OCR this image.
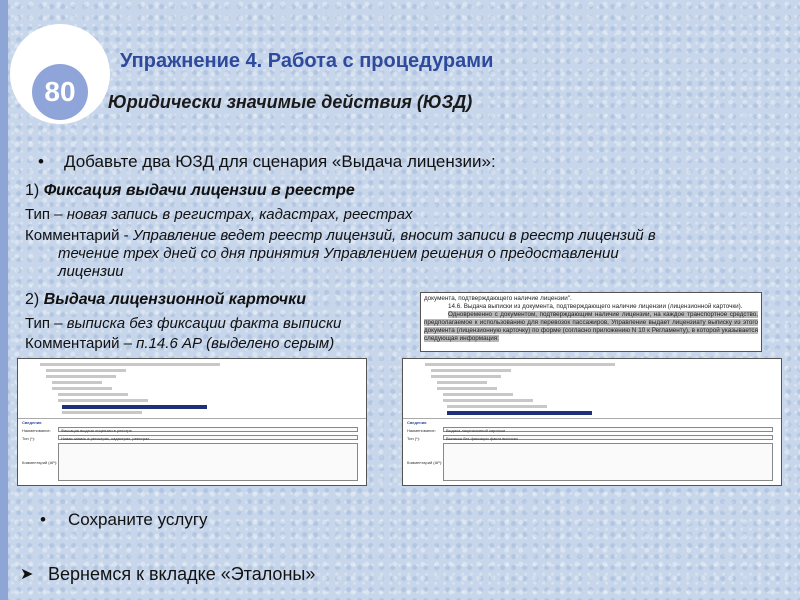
80
Упражнение 4. Работа с процедурами
Юридически значимые действия (ЮЗД)
• Добавьте два ЮЗД для сценария «Выдача лицензии»:
1) Фиксация выдачи лицензии в реестре
Тип – новая запись в регистрах, кадастрах, реестрах
Комментарий - Управление ведет реестр лицензий, вносит записи в реестр лицензий в
течение трех дней со дня принятия Управлением решения о предоставлении
лицензии
2) Выдача лицензионной карточки
Тип – выписка без фиксации факта выписки
Комментарий – п.14.6 АР (выделено серым)
документа, подтверждающего наличие лицензии".
14.6. Выдача выписки из документа, подтверждающего наличие лицензии (лицензионной карточки).
Одновременно с документом, подтверждающим наличие лицензии, на каждое транспортное средство, предполагаемое к использованию для перевозок пассажиров, Управление выдает лицензиату выписку из этого документа (лицензионную карточку) по форме (согласно приложению N 10 к Регламенту), в которой указывается следующая информация:
Сведения
Наименование:	Фиксация выдачи лицензии в реестре
Тип (*):	Новая запись в регистрах, кадастрах, реестрах
Комментарий (АР):
Сведения
Наименование:	Выдача лицензионной карточки
Тип (*):	Выписка без фиксации факта выписки
Комментарий (АР):
• Сохраните услугу
➤ Вернемся к вкладке «Эталоны»
